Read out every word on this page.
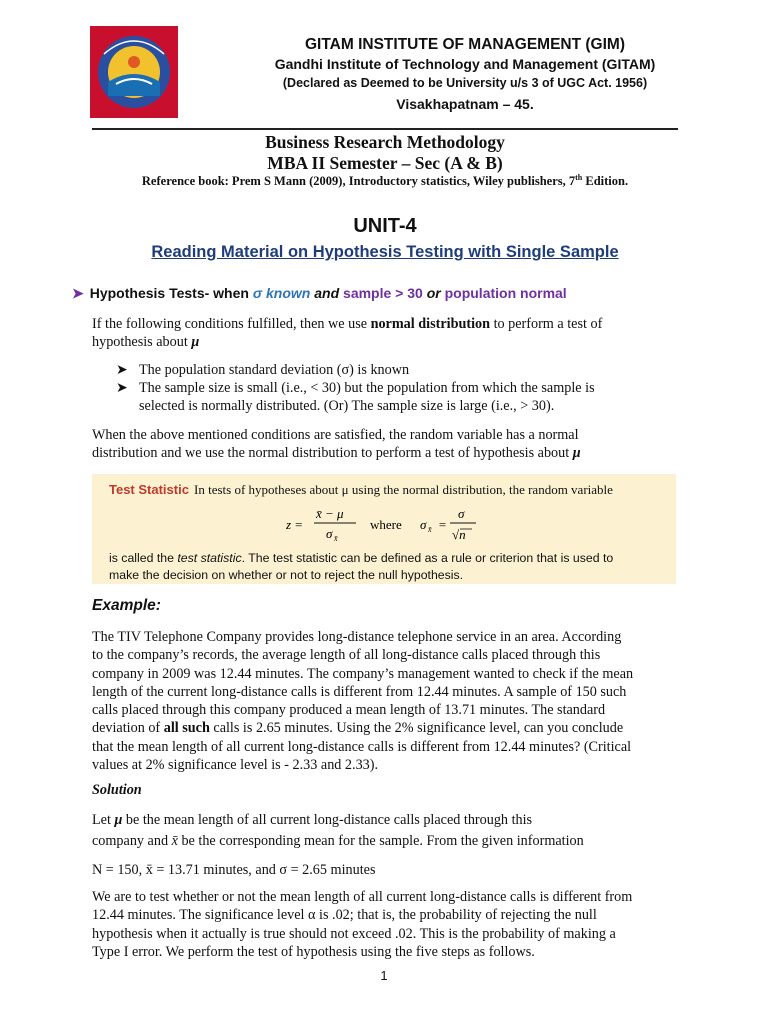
GITAM INSTITUTE OF MANAGEMENT (GIM)
Gandhi Institute of Technology and Management (GITAM)
(Declared as Deemed to be University u/s 3 of UGC Act. 1956)
Visakhapatnam – 45.
Business Research Methodology
MBA II Semester – Sec (A & B)
Reference book: Prem S Mann (2009), Introductory statistics, Wiley publishers, 7th Edition.
UNIT-4
Reading Material on Hypothesis Testing with Single Sample
➤ Hypothesis Tests- when σ known and sample > 30 or population normal
If the following conditions fulfilled, then we use normal distribution to perform a test of
hypothesis about μ
➤ The population standard deviation (σ) is known
➤ The sample size is small (i.e., < 30) but the population from which the sample is
selected is normally distributed. (Or) The sample size is large (i.e., > 30).
When the above mentioned conditions are satisfied, the random variable has a normal
distribution and we use the normal distribution to perform a test of hypothesis about μ
Test Statistic In tests of hypotheses about μ using the normal distribution, the random variable
z =
x̄ − μ
σ x̄
where σ x̄ =
σ
√n
is called the test statistic. The test statistic can be defined as a rule or criterion that is used to
make the decision on whether or not to reject the null hypothesis.
Example:
The TIV Telephone Company provides long-distance telephone service in an area. According
to the company’s records, the average length of all long-distance calls placed through this
company in 2009 was 12.44 minutes. The company’s management wanted to check if the mean
length of the current long-distance calls is different from 12.44 minutes. A sample of 150 such
calls placed through this company produced a mean length of 13.71 minutes. The standard
deviation of all such calls is 2.65 minutes. Using the 2% significance level, can you conclude
that the mean length of all current long-distance calls is different from 12.44 minutes? (Critical
values at 2% significance level is - 2.33 and 2.33).
Solution
Let μ be the mean length of all current long-distance calls placed through this
company and x̄ be the corresponding mean for the sample. From the given information
N = 150, x̄ = 13.71 minutes, and σ = 2.65 minutes
We are to test whether or not the mean length of all current long-distance calls is different from
12.44 minutes. The significance level α is .02; that is, the probability of rejecting the null
hypothesis when it actually is true should not exceed .02. This is the probability of making a
Type I error. We perform the test of hypothesis using the five steps as follows.
1
